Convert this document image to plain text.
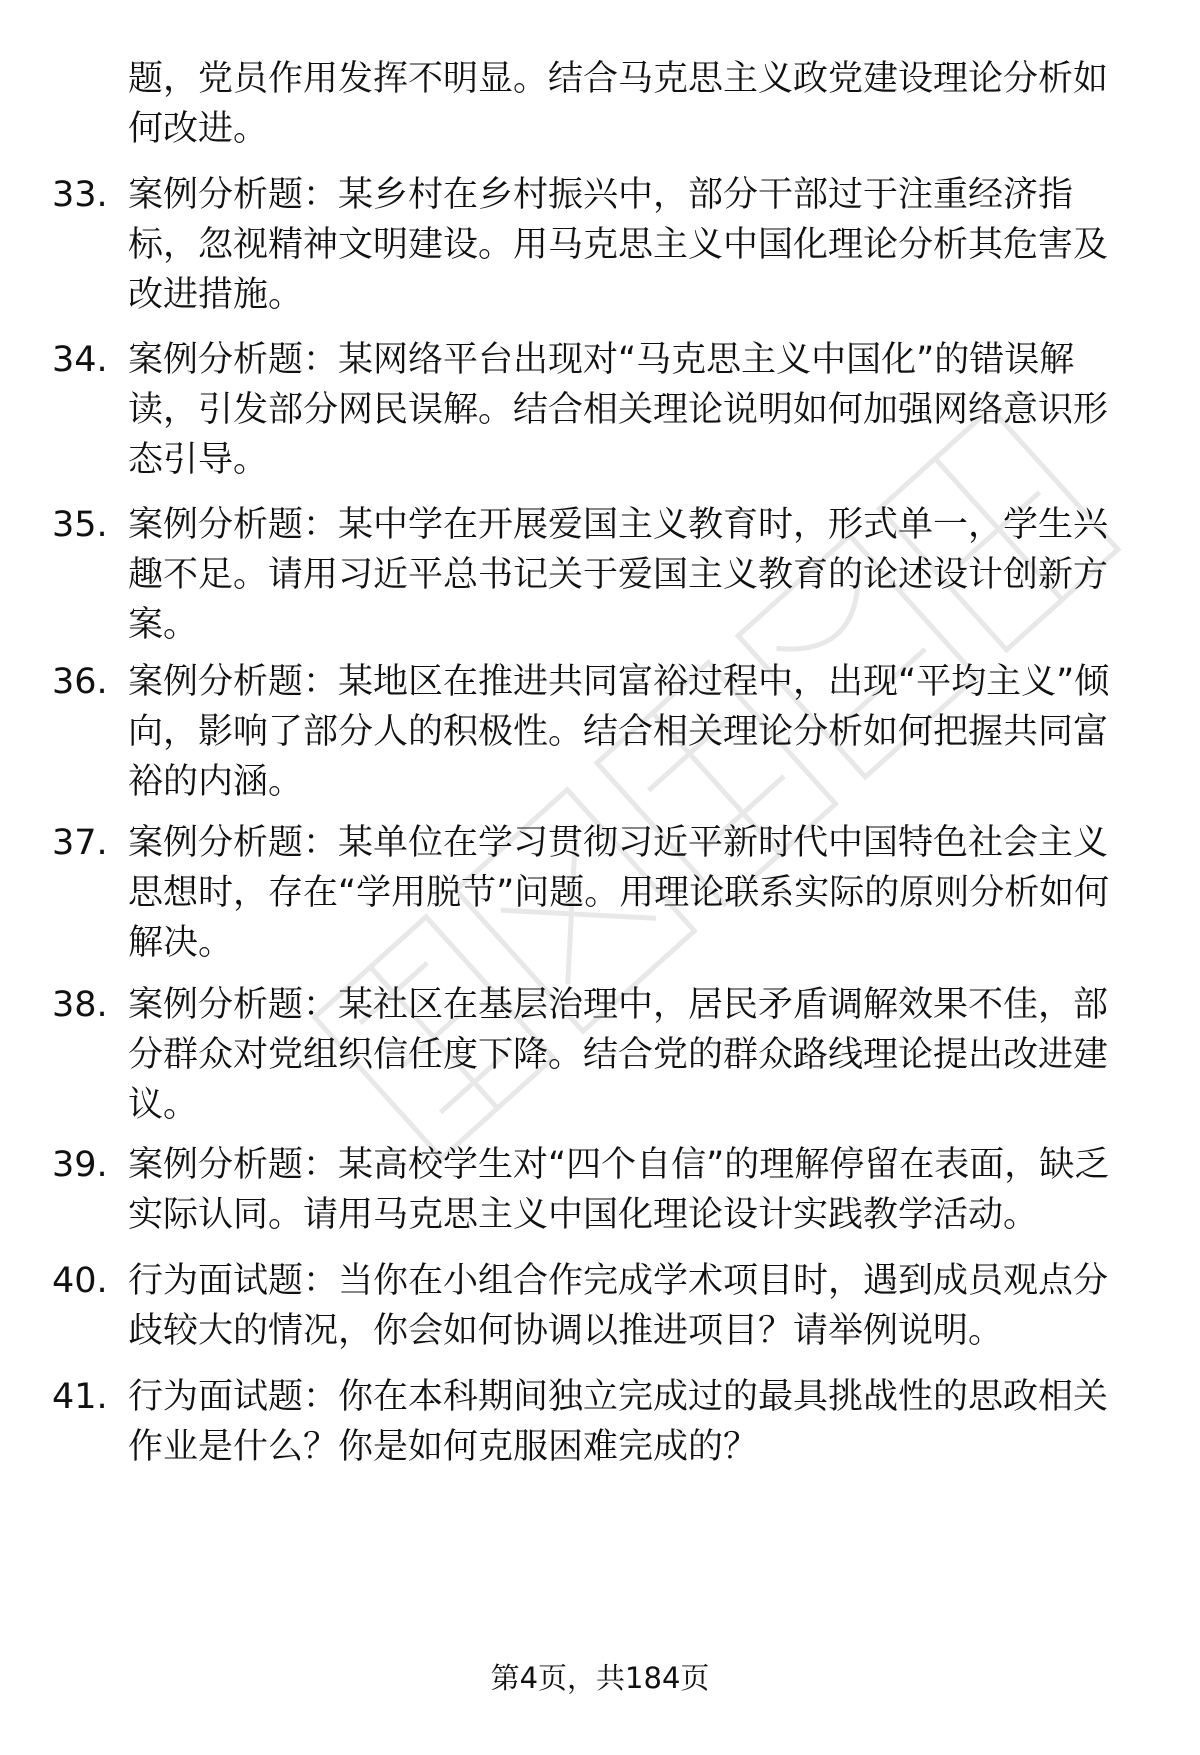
题，党员作用发挥不明显。结合马克思主义政党建设理论分析如何改进。

33. 案例分析题：某乡村在乡村振兴中，部分干部过于注重经济指标，忽视精神文明建设。用马克思主义中国化理论分析其危害及改进措施。

34. 案例分析题：某网络平台出现对“马克思主义中国化”的错误解读，引发部分网民误解。结合相关理论说明如何加强网络意识形态引导。

35. 案例分析题：某中学在开展爱国主义教育时，形式单一，学生兴趣不足。请用习近平总书记关于爱国主义教育的论述设计创新方案。

36. 案例分析题：某地区在推进共同富裕过程中，出现“平均主义”倾向，影响了部分人的积极性。结合相关理论分析如何把握共同富裕的内涵。

37. 案例分析题：某单位在学习贯彻习近平新时代中国特色社会主义思想时，存在“学用脱节”问题。用理论联系实际的原则分析如何解决。

38. 案例分析题：某社区在基层治理中，居民矛盾调解效果不佳，部分群众对党组织信任度下降。结合党的群众路线理论提出改进建议。

39. 案例分析题：某高校学生对“四个自信”的理解停留在表面，缺乏实际认同。请用马克思主义中国化理论设计实践教学活动。

40. 行为面试题：当你在小组合作完成学术项目时，遇到成员观点分歧较大的情况，你会如何协调以推进项目？请举例说明。

41. 行为面试题：你在本科期间独立完成过的最具挑战性的思政相关作业是什么？你是如何克服困难完成的？

第4页，共184页
